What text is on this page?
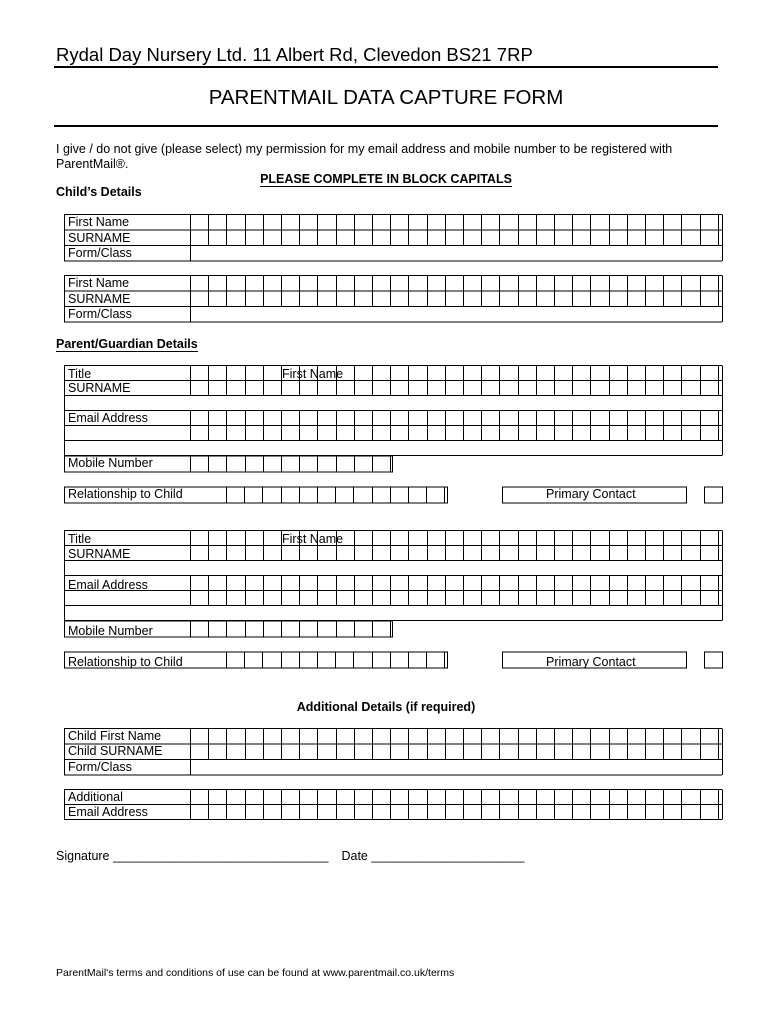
Rydal Day Nursery Ltd. 11 Albert Rd, Clevedon BS21 7RP
PARENTMAIL DATA CAPTURE FORM
I give / do not give (please select) my permission for my email address and mobile number to be registered with ParentMail®.
PLEASE COMPLETE IN BLOCK CAPITALS
Child’s Details
First Name
SURNAME
Form/Class
First Name
SURNAME
Form/Class
Parent/Guardian Details
Title	First Name
SURNAME
Email Address
Mobile Number
Relationship to Child	Primary Contact
Title	First Name
SURNAME
Email Address
Mobile Number
Relationship to Child	Primary Contact
Additional Details (if required)
Child First Name
Child SURNAME
Form/Class
Additional
Email Address
Signature _______________________________ Date ______________________
ParentMail's terms and conditions of use can be found at www.parentmail.co.uk/terms
